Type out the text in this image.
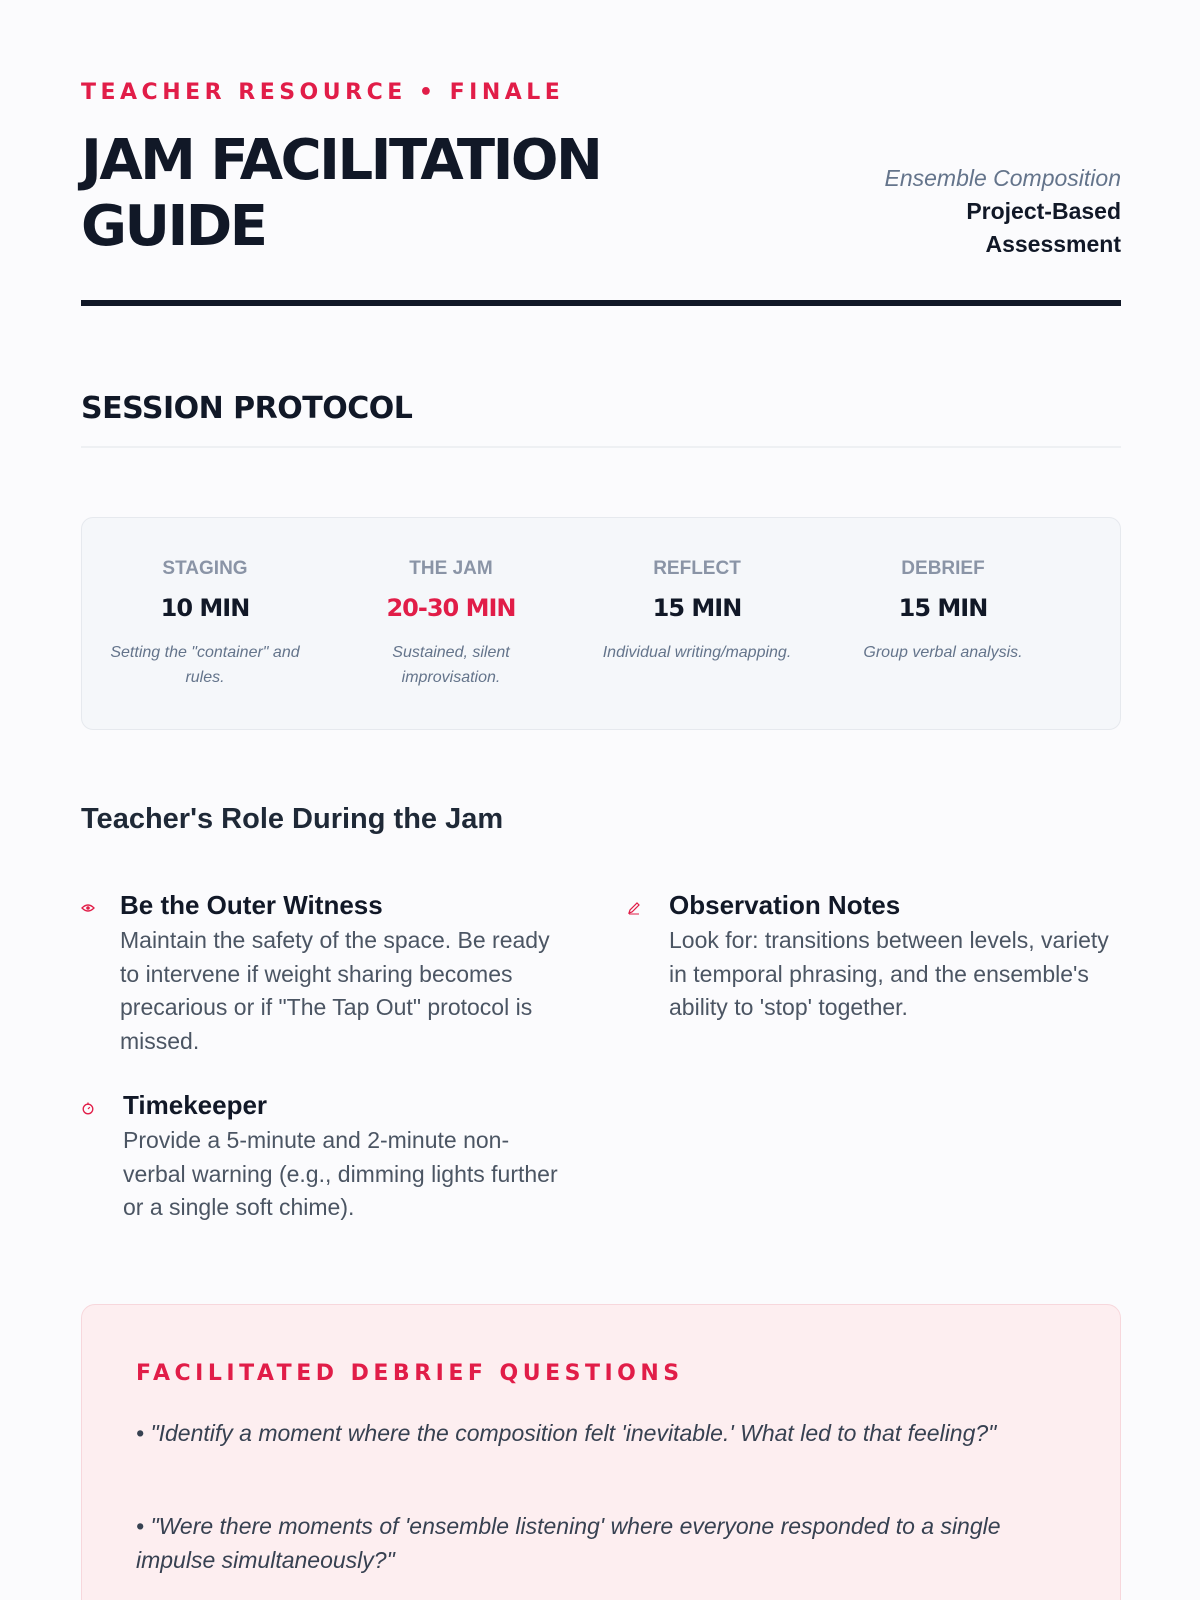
TEACHER RESOURCE • FINALE
JAM FACILITATION
GUIDE
Ensemble Composition
Project-Based Assessment
SESSION PROTOCOL
STAGING
10 MIN
Setting the "container" and rules.
THE JAM
20-30 MIN
Sustained, silent improvisation.
REFLECT
15 MIN
Individual writing/mapping.
DEBRIEF
15 MIN
Group verbal analysis.
Teacher's Role During the Jam
Be the Outer Witness
Maintain the safety of the space. Be ready to intervene if weight sharing becomes precarious or if "The Tap Out" protocol is missed.
Observation Notes
Look for: transitions between levels, variety in temporal phrasing, and the ensemble's ability to 'stop' together.
Timekeeper
Provide a 5-minute and 2-minute non-verbal warning (e.g., dimming lights further or a single soft chime).
FACILITATED DEBRIEF QUESTIONS
• "Identify a moment where the composition felt 'inevitable.' What led to that feeling?"
• "Were there moments of 'ensemble listening' where everyone responded to a single impulse simultaneously?"
